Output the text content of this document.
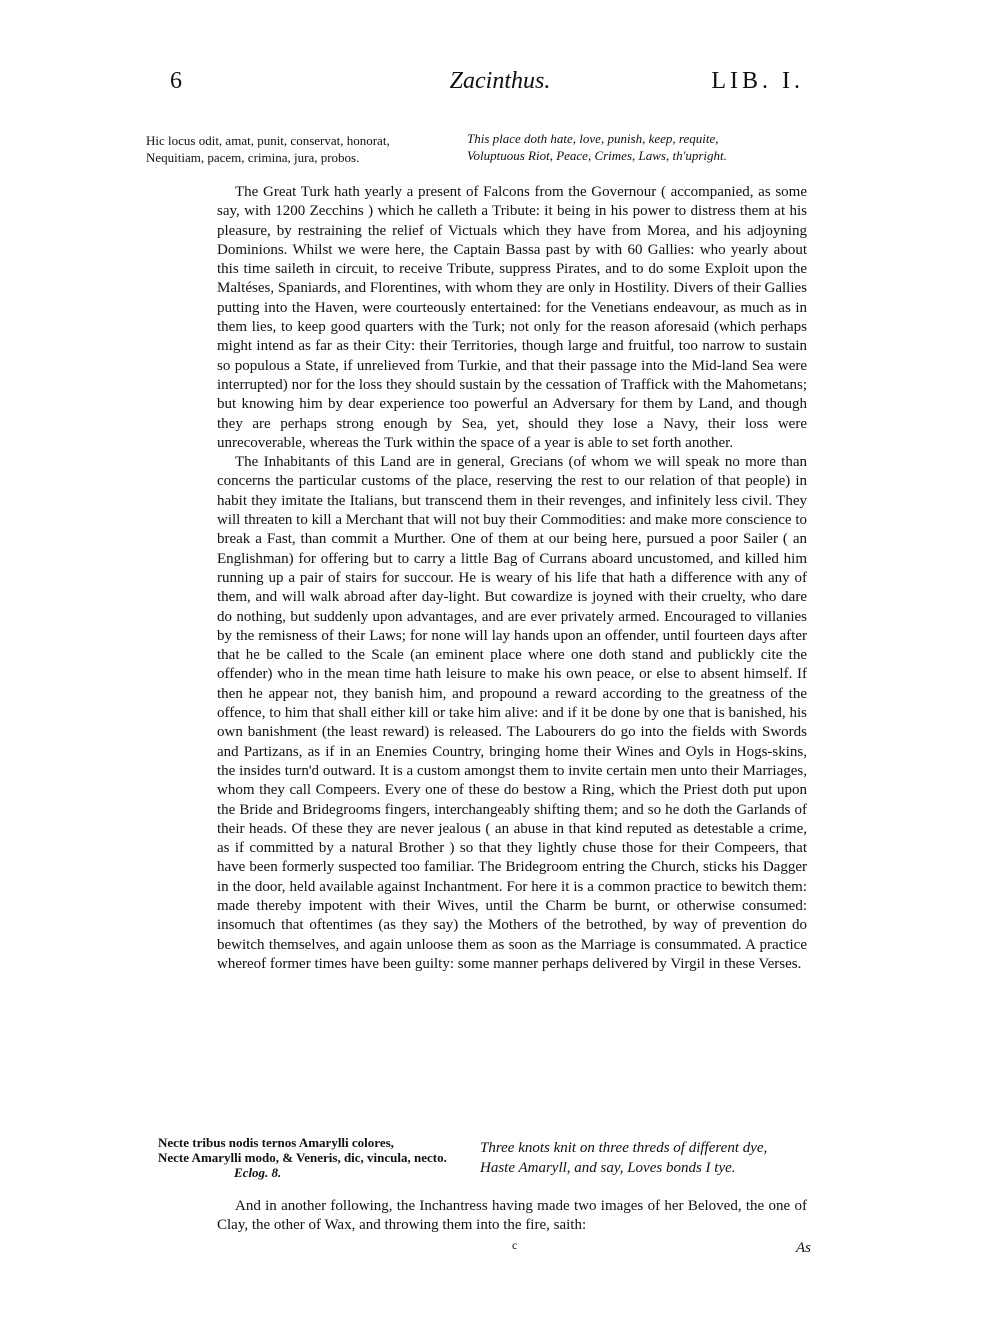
6	Zacinthus.	LIB. I.
Hic locus odit, amat, punit, conservat, honorat,
Nequitiam, pacem, crimina, jura, probos.
This place doth hate, love, punish, keep, requite,
Voluptuous Riot, Peace, Crimes, Laws, th'upright.

The Great Turk hath yearly a present of Falcons from the Governour ( accompanied, as some say, with 1200 Zecchins ) which he calleth a Tribute: it being in his power to distress them at his pleasure, by restraining the relief of Victuals which they have from Morea, and his adjoyning Dominions. Whilst we were here, the Captain Bassa past by with 60 Gallies: who yearly about this time saileth in circuit, to receive Tribute, suppress Pirates, and to do some Exploit upon the Maltéses, Spaniards, and Florentines, with whom they are only in Hostility. Divers of their Gallies putting into the Haven, were courteously entertained: for the Venetians endeavour, as much as in them lies, to keep good quarters with the Turk; not only for the reason aforesaid (which perhaps might intend as far as their City: their Territories, though large and fruitful, too narrow to sustain so populous a State, if unrelieved from Turkie, and that their passage into the Mid-land Sea were interrupted) nor for the loss they should sustain by the cessation of Traffick with the Mahometans; but knowing him by dear experience too powerful an Adversary for them by Land, and though they are perhaps strong enough by Sea, yet, should they lose a Navy, their loss were unrecoverable, whereas the Turk within the space of a year is able to set forth another.

The Inhabitants of this Land are in general, Grecians (of whom we will speak no more than concerns the particular customs of the place, reserving the rest to our relation of that people) in habit they imitate the Italians, but transcend them in their revenges, and infinitely less civil. They will threaten to kill a Merchant that will not buy their Commodities: and make more conscience to break a Fast, than commit a Murther. One of them at our being here, pursued a poor Sailer ( an Englishman) for offering but to carry a little Bag of Currans aboard uncustomed, and killed him running up a pair of stairs for succour. He is weary of his life that hath a difference with any of them, and will walk abroad after day-light. But cowardize is joyned with their cruelty, who dare do nothing, but suddenly upon advantages, and are ever privately armed. Encouraged to villanies by the remisness of their Laws; for none will lay hands upon an offender, until fourteen days after that he be called to the Scale (an eminent place where one doth stand and publickly cite the offender) who in the mean time hath leisure to make his own peace, or else to absent himself. If then he appear not, they banish him, and propound a reward according to the greatness of the offence, to him that shall either kill or take him alive: and if it be done by one that is banished, his own banishment (the least reward) is released. The Labourers do go into the fields with Swords and Partizans, as if in an Enemies Country, bringing home their Wines and Oyls in Hogs-skins, the insides turn'd outward. It is a custom amongst them to invite certain men unto their Marriages, whom they call Compeers. Every one of these do bestow a Ring, which the Priest doth put upon the Bride and Bridegrooms fingers, interchangeably shifting them; and so he doth the Garlands of their heads. Of these they are never jealous ( an abuse in that kind reputed as detestable a crime, as if committed by a natural Brother ) so that they lightly chuse those for their Compeers, that have been formerly suspected too familiar. The Bridegroom entring the Church, sticks his Dagger in the door, held available against Inchantment. For here it is a common practice to bewitch them: made thereby impotent with their Wives, until the Charm be burnt, or otherwise consumed: insomuch that oftentimes (as they say) the Mothers of the betrothed, by way of prevention do bewitch themselves, and again unloose them as soon as the Marriage is consummated. A practice whereof former times have been guilty: some manner perhaps delivered by Virgil in these Verses.

Necte tribus nodis ternos Amarylli colores,
Necte Amarylli modo, & Veneris, dic, vincula, necto.
Eclog. 8.
Three knots knit on three threds of different dye,
Haste Amaryll, and say, Loves bonds I tye.
And in another following, the Inchantress having made two images of her Beloved, the one of Clay, the other of Wax, and throwing them into the fire, saith:
c	As
